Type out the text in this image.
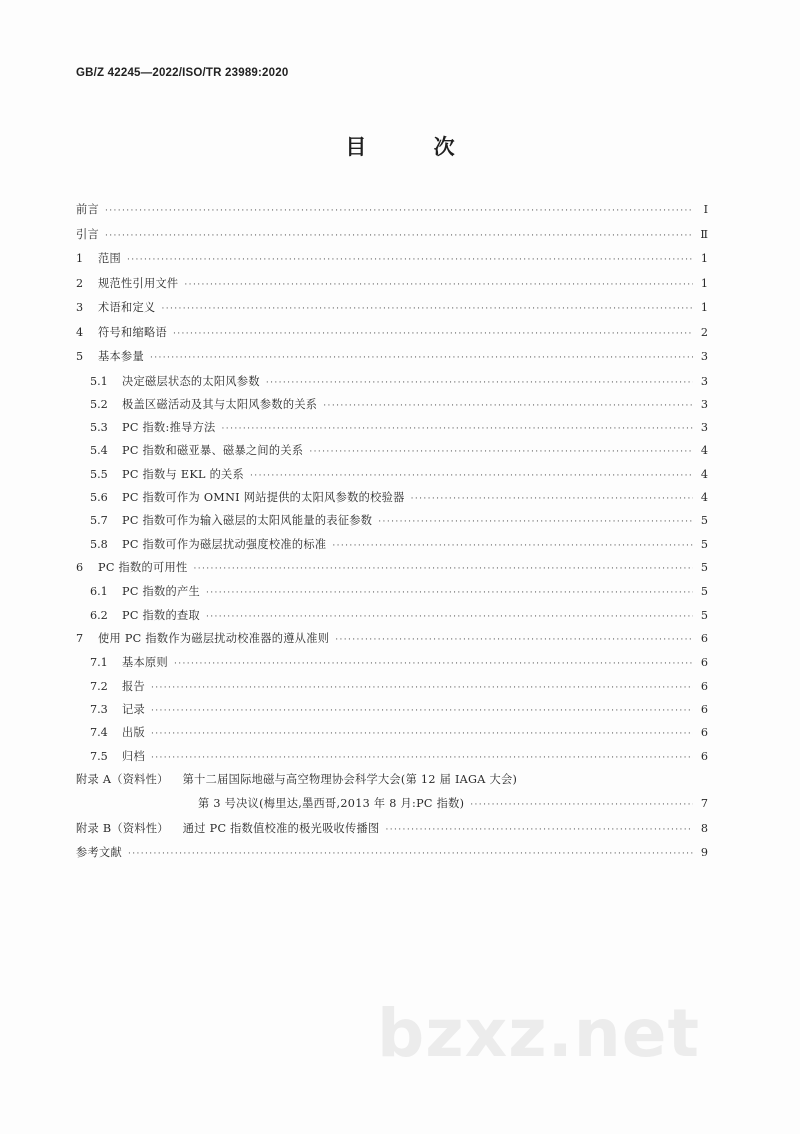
GB/Z 42245—2022/ISO/TR 23989:2020
目 次
前言 ·····	Ⅰ
引言 ·····	Ⅱ
1	范围 ·····	1
2	规范性引用文件 ·····	1
3	术语和定义 ·····	1
4	符号和缩略语 ·····	2
5	基本参量 ·····	3
5.1	决定磁层状态的太阳风参数 ·····	3
5.2	极盖区磁活动及其与太阳风参数的关系 ·····	3
5.3	PC 指数:推导方法 ·····	3
5.4	PC 指数和磁亚暴、磁暴之间的关系 ·····	4
5.5	PC 指数与 EKL 的关系 ·····	4
5.6	PC 指数可作为 OMNI 网站提供的太阳风参数的校验器 ·····	4
5.7	PC 指数可作为输入磁层的太阳风能量的表征参数 ·····	5
5.8	PC 指数可作为磁层扰动强度校准的标准 ·····	5
6	PC 指数的可用性 ·····	5
6.1	PC 指数的产生 ·····	5
6.2	PC 指数的查取 ·····	5
7	使用 PC 指数作为磁层扰动校准器的遵从准则 ·····	6
7.1	基本原则 ·····	6
7.2	报告 ·····	6
7.3	记录 ·····	6
7.4	出版 ·····	6
7.5	归档 ·····	6
附录 A（资料性） 第十二届国际地磁与高空物理协会科学大会(第 12 届 IAGA 大会)
第 3 号决议(梅里达,墨西哥,2013 年 8 月:PC 指数) ·····	7
附录 B（资料性） 通过 PC 指数值校准的极光吸收传播图 ·····	8
参考文献 ·····	9
bzxz.net
